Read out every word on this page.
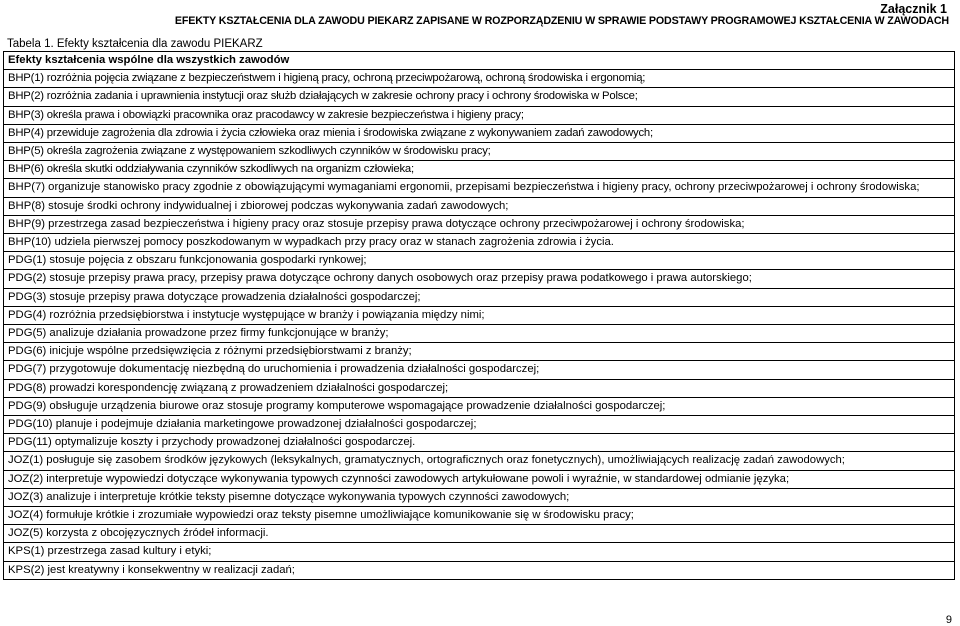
Załącznik 1
EFEKTY KSZTAŁCENIA DLA ZAWODU PIEKARZ ZAPISANE W ROZPORZĄDZENIU W SPRAWIE PODSTAWY PROGRAMOWEJ KSZTAŁCENIA W ZAWODACH
Tabela 1. Efekty kształcenia dla zawodu PIEKARZ
Efekty kształcenia wspólne dla wszystkich zawodów
BHP(1) rozróżnia pojęcia związane z bezpieczeństwem i higieną pracy, ochroną przeciwpożarową, ochroną środowiska i ergonomią;
BHP(2) rozróżnia zadania i uprawnienia instytucji oraz służb działających w zakresie ochrony pracy i ochrony środowiska w Polsce;
BHP(3) określa prawa i obowiązki pracownika oraz pracodawcy w zakresie bezpieczeństwa i higieny pracy;
BHP(4) przewiduje zagrożenia dla zdrowia i życia człowieka oraz mienia i środowiska związane z wykonywaniem zadań zawodowych;
BHP(5) określa zagrożenia związane z występowaniem szkodliwych czynników w środowisku pracy;
BHP(6) określa skutki oddziaływania czynników szkodliwych na organizm człowieka;
BHP(7) organizuje stanowisko pracy zgodnie z obowiązującymi wymaganiami ergonomii, przepisami bezpieczeństwa i higieny pracy, ochrony przeciwpożarowej i ochrony środowiska;
BHP(8) stosuje środki ochrony indywidualnej i zbiorowej podczas wykonywania zadań zawodowych;
BHP(9) przestrzega zasad bezpieczeństwa i higieny pracy oraz stosuje przepisy prawa dotyczące ochrony przeciwpożarowej i ochrony środowiska;
BHP(10) udziela pierwszej pomocy poszkodowanym w wypadkach przy pracy oraz w stanach zagrożenia zdrowia i życia.
PDG(1) stosuje pojęcia z obszaru funkcjonowania gospodarki rynkowej;
PDG(2) stosuje przepisy prawa pracy, przepisy prawa dotyczące ochrony danych osobowych oraz przepisy prawa podatkowego i prawa autorskiego;
PDG(3) stosuje przepisy prawa dotyczące prowadzenia działalności gospodarczej;
PDG(4) rozróżnia przedsiębiorstwa i instytucje występujące w branży i powiązania między nimi;
PDG(5) analizuje działania prowadzone przez firmy funkcjonujące w branży;
PDG(6) inicjuje wspólne przedsięwzięcia z różnymi przedsiębiorstwami z branży;
PDG(7) przygotowuje dokumentację niezbędną do uruchomienia i prowadzenia działalności gospodarczej;
PDG(8) prowadzi korespondencję związaną z prowadzeniem działalności gospodarczej;
PDG(9) obsługuje urządzenia biurowe oraz stosuje programy komputerowe wspomagające prowadzenie działalności gospodarczej;
PDG(10) planuje i podejmuje działania marketingowe prowadzonej działalności gospodarczej;
PDG(11) optymalizuje koszty i przychody prowadzonej działalności gospodarczej.
JOZ(1) posługuje się zasobem środków językowych (leksykalnych, gramatycznych, ortograficznych oraz fonetycznych), umożliwiających realizację zadań zawodowych;
JOZ(2) interpretuje wypowiedzi dotyczące wykonywania typowych czynności zawodowych artykułowane powoli i wyraźnie, w standardowej odmianie języka;
JOZ(3) analizuje i interpretuje krótkie teksty pisemne dotyczące wykonywania typowych czynności zawodowych;
JOZ(4) formułuje krótkie i zrozumiałe wypowiedzi oraz teksty pisemne umożliwiające komunikowanie się w środowisku pracy;
JOZ(5) korzysta z obcojęzycznych źródeł informacji.
KPS(1) przestrzega zasad kultury i etyki;
KPS(2) jest kreatywny i konsekwentny w realizacji zadań;
9
